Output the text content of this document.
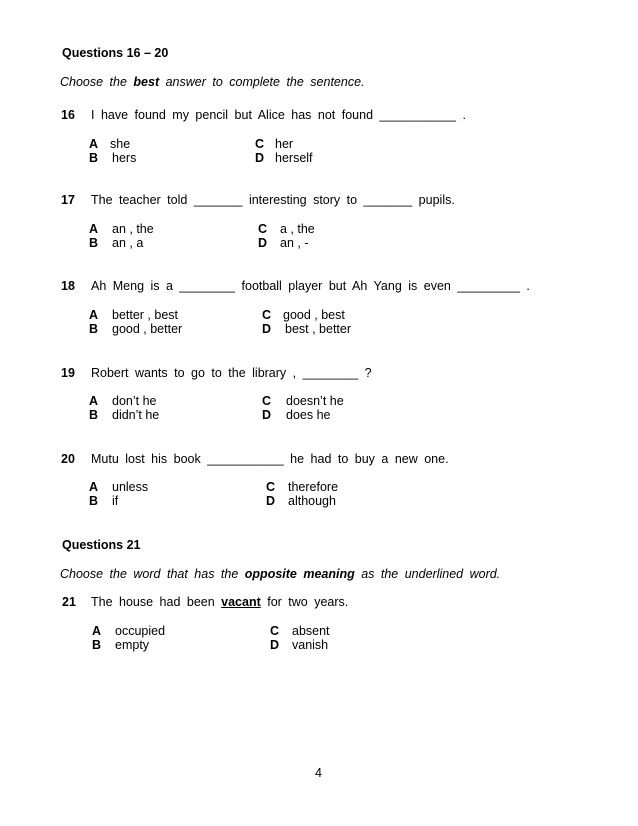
Questions 16 – 20
Choose the best answer to complete the sentence.
16 I have found my pencil but Alice has not found ___________ .
A she
B hers
C her
D herself
17 The teacher told _______ interesting story to _______ pupils.
A an , the
B an , a
C a , the
D an , -
18 Ah Meng is a ________ football player but Ah Yang is even _________ .
A better , best
B good , better
C good , best
D best , better
19 Robert wants to go to the library , ________ ?
A don’t he
B didn’t he
C doesn’t he
D does he
20 Mutu lost his book ___________ he had to buy a new one.
A unless
B if
C therefore
D although
Questions 21
Choose the word that has the opposite meaning as the underlined word.
21 The house had been vacant for two years.
A occupied
B empty
C absent
D vanish
4
